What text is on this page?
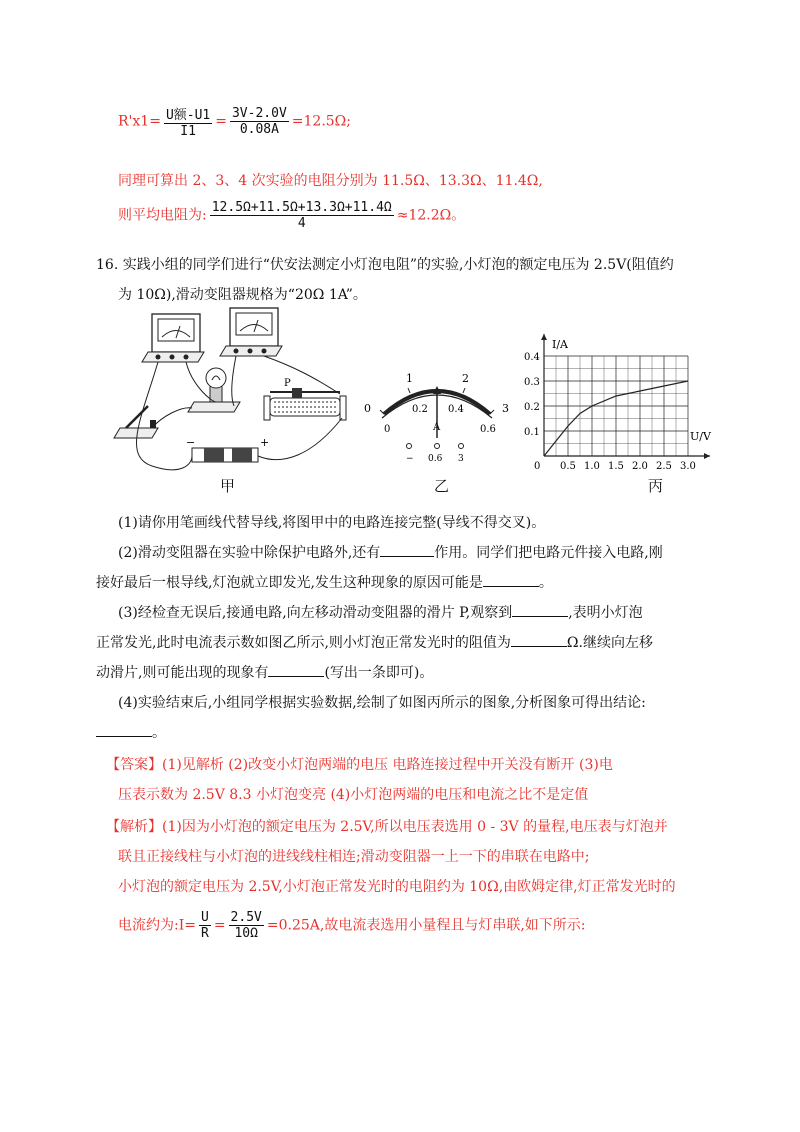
$R'x1= \frac{\text{U额-U1}}{I1} = \frac{3V-2.0V}{0.08A} =12.5\Omega$;
同理可算出 2、3、4 次实验的电阻分别为 11.5Ω、13.3Ω、11.4Ω,
则平均电阻为: $\frac{12.5\Omega+11.5\Omega+13.3\Omega+11.4\Omega}{4} \approx 12.2\Omega$。
16. 实践小组的同学们进行“伏安法测定小灯泡电阻”的实验,小灯泡的额定电压为 2.5V(阻值约
为 10Ω),滑动变阻器规格为“20Ω 1A”。
P
−	+
0
1	2
3
0
0.2 0.4
0.6
A
− 0.6 3
0 0.5 1.0 1.5 2.0 2.5 3.0
0.1
0.2
0.3
0.4
I/A
U/V
甲	乙	丙
(1)请你用笔画线代替导线,将图甲中的电路连接完整(导线不得交叉)。
(2)滑动变阻器在实验中除保护电路外,还有	作用。同学们把电路元件接入电路,刚
接好最后一根导线,灯泡就立即发光,发生这种现象的原因可能是	。
(3)经检查无误后,接通电路,向左移动滑动变阻器的滑片 P,观察到	,表明小灯泡
正常发光,此时电流表示数如图乙所示,则小灯泡正常发光时的阻值为	Ω.继续向左移
动滑片,则可能出现的现象有	(写出一条即可)。
(4)实验结束后,小组同学根据实验数据,绘制了如图丙所示的图象,分析图象可得出结论:
。
【答案】(1)见解析 (2)改变小灯泡两端的电压 电路连接过程中开关没有断开 (3)电
压表示数为 2.5V 8.3 小灯泡变亮 (4)小灯泡两端的电压和电流之比不是定值
【解析】(1)因为小灯泡的额定电压为 2.5V,所以电压表选用 0 - 3V 的量程,电压表与灯泡并
联且正接线柱与小灯泡的进线线柱相连;滑动变阻器一上一下的串联在电路中;
小灯泡的额定电压为 2.5V,小灯泡正常发光时的电阻约为 10Ω,由欧姆定律,灯正常发光时的
电流约为:I= $\frac{U}{R} = \frac{2.5V}{10\Omega} =0.25A$,故电流表选用小量程且与灯串联,如下所示:
